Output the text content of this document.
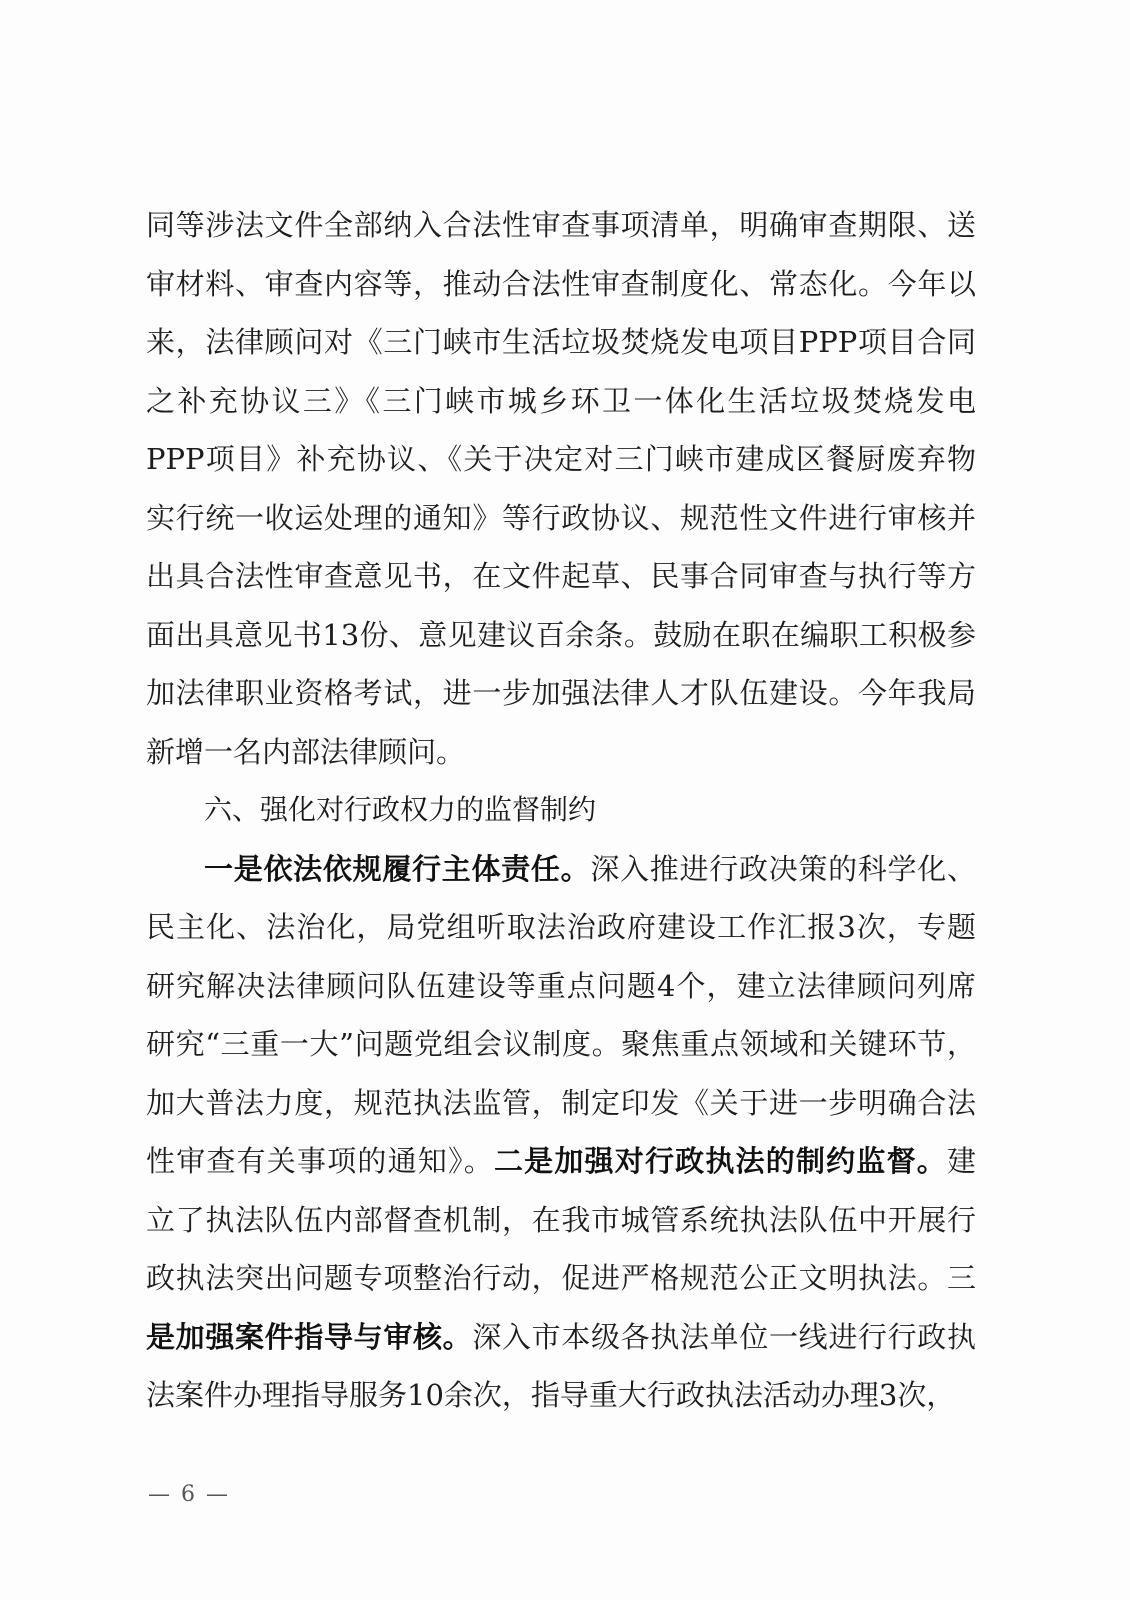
同等涉法文件全部纳入合法性审查事项清单，明确审查期限、送
审材料、审查内容等，推动合法性审查制度化、常态化。今年以
来，法律顾问对《三门峡市生活垃圾焚烧发电项目PPP项目合同
之补充协议三》《三门峡市城乡环卫一体化生活垃圾焚烧发电
PPP项目》补充协议、《关于决定对三门峡市建成区餐厨废弃物
实行统一收运处理的通知》等行政协议、规范性文件进行审核并
出具合法性审查意见书，在文件起草、民事合同审查与执行等方
面出具意见书13份、意见建议百余条。鼓励在职在编职工积极参
加法律职业资格考试，进一步加强法律人才队伍建设。今年我局
新增一名内部法律顾问。
六、强化对行政权力的监督制约
一是依法依规履行主体责任。深入推进行政决策的科学化、
民主化、法治化，局党组听取法治政府建设工作汇报3次，专题
研究解决法律顾问队伍建设等重点问题4个，建立法律顾问列席
研究“三重一大”问题党组会议制度。聚焦重点领域和关键环节，
加大普法力度，规范执法监管，制定印发《关于进一步明确合法
性审查有关事项的通知》。二是加强对行政执法的制约监督。建
立了执法队伍内部督查机制，在我市城管系统执法队伍中开展行
政执法突出问题专项整治行动，促进严格规范公正文明执法。三
是加强案件指导与审核。深入市本级各执法单位一线进行行政执
法案件办理指导服务10余次，指导重大行政执法活动办理3次，
— 6 —
